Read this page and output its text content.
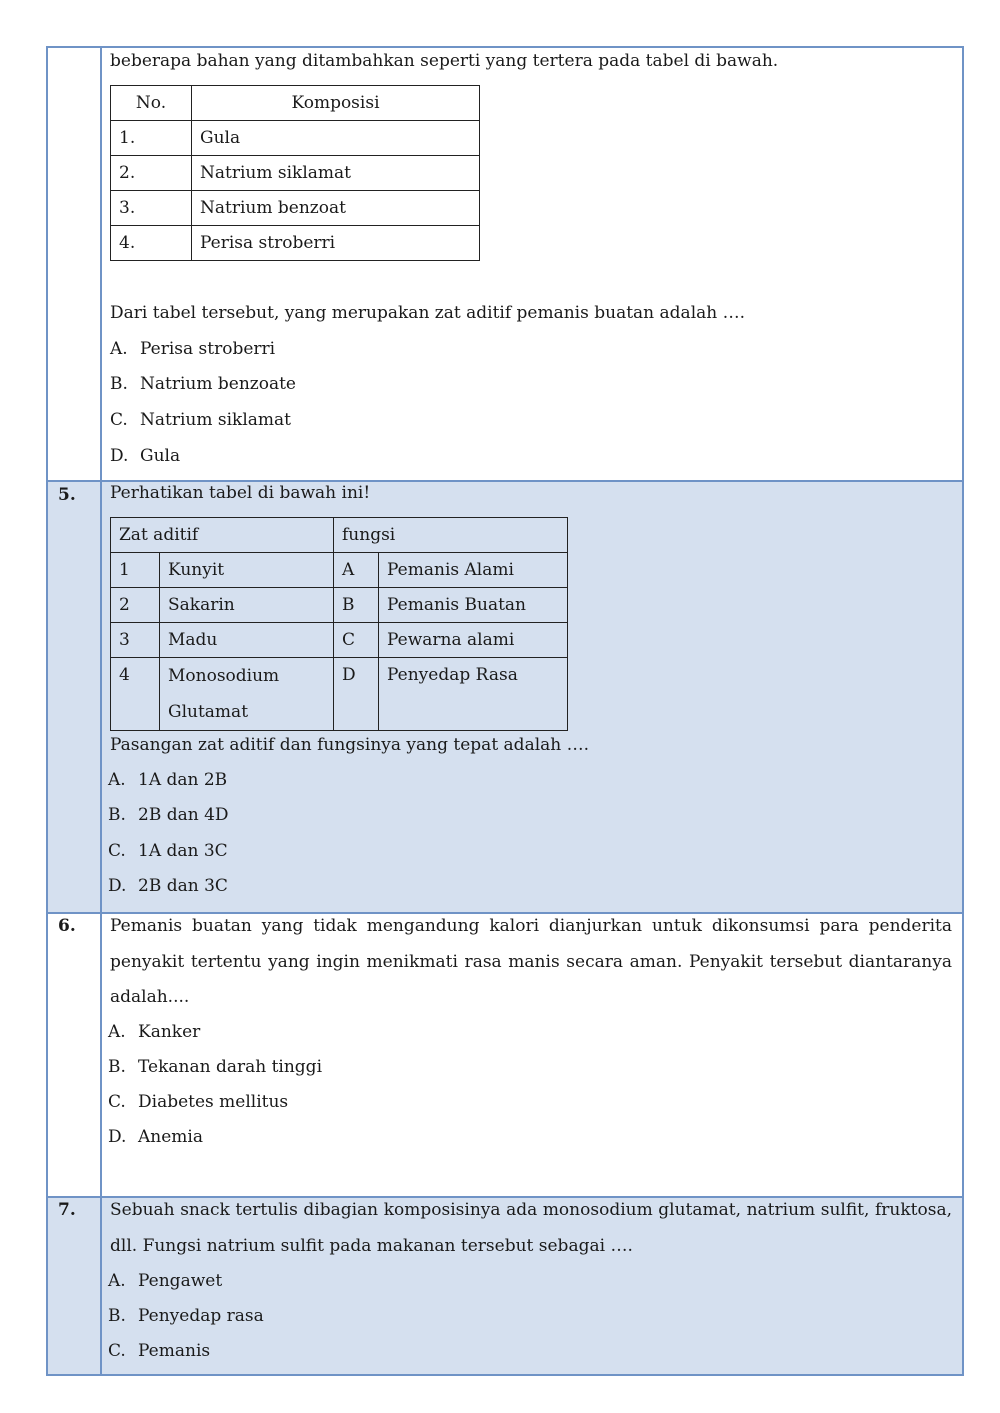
beberapa bahan yang ditambahkan seperti yang tertera pada tabel di bawah.
No.	Komposisi
1.	Gula
2.	Natrium siklamat
3.	Natrium benzoat
4.	Perisa stroberri
Dari tabel tersebut, yang merupakan zat aditif pemanis buatan adalah ….
A. Perisa stroberri
B. Natrium benzoate
C. Natrium siklamat
D. Gula
5. Perhatikan tabel di bawah ini!
Zat aditif		fungsi	
1	Kunyit	A	Pemanis Alami
2	Sakarin	B	Pemanis Buatan
3	Madu	C	Pewarna alami
4	Monosodium Glutamat	D	Penyedap Rasa
Pasangan zat aditif dan fungsinya yang tepat adalah ….
A. 1A dan 2B
B. 2B dan 4D
C. 1A dan 3C
D. 2B dan 3C
6. Pemanis buatan yang tidak mengandung kalori dianjurkan untuk dikonsumsi para penderita penyakit tertentu yang ingin menikmati rasa manis secara aman. Penyakit tersebut diantaranya adalah....
A. Kanker
B. Tekanan darah tinggi
C. Diabetes mellitus
D. Anemia
7. Sebuah snack tertulis dibagian komposisinya ada monosodium glutamat, natrium sulfit, fruktosa, dll. Fungsi natrium sulfit pada makanan tersebut sebagai ….
A. Pengawet
B. Penyedap rasa
C. Pemanis
